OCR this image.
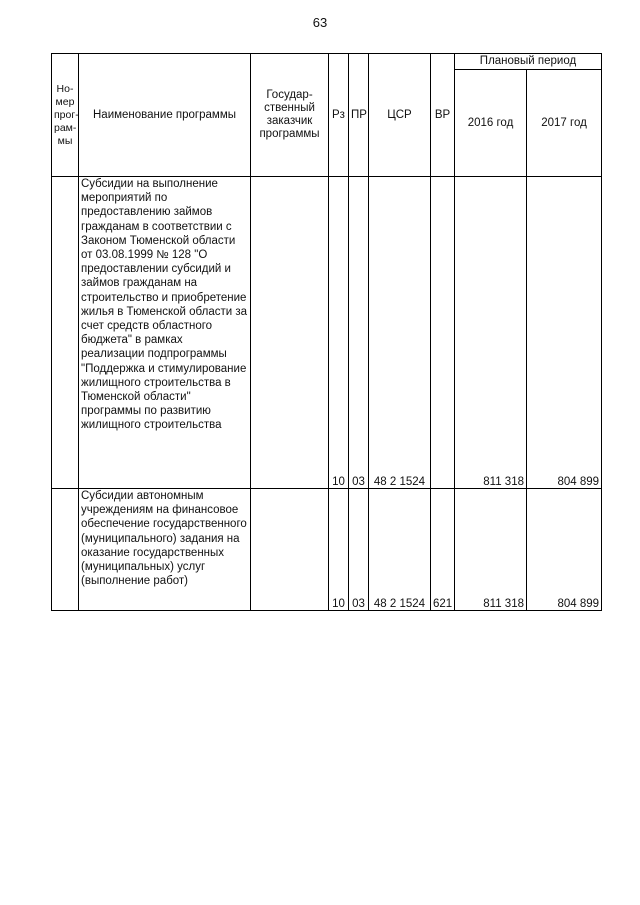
63
Но-
мер
прог-
рам-
мы	Наименование программы	Государ-
ственный
заказчик
программы	Рз	ПР	ЦСР	ВР	Плановый период	
							2016 год	2017 год
	Субсидии на выполнение мероприятий по предоставлению займов гражданам в соответствии с Законом Тюменской области от 03.08.1999 № 128 "О предоставлении субсидий и займов гражданам на строительство и приобретение жилья в Тюменской области за счет средств областного бюджета" в рамках реализации подпрограммы "Поддержка и стимулирование жилищного строительства в Тюменской области" программы по развитию жилищного строительства		10	03	48 2 1524		811 318	804 899
	Субсидии автономным учреждениям на финансовое обеспечение государственного (муниципального) задания на оказание государственных (муниципальных) услуг (выполнение работ)		10	03	48 2 1524	621	811 318	804 899
